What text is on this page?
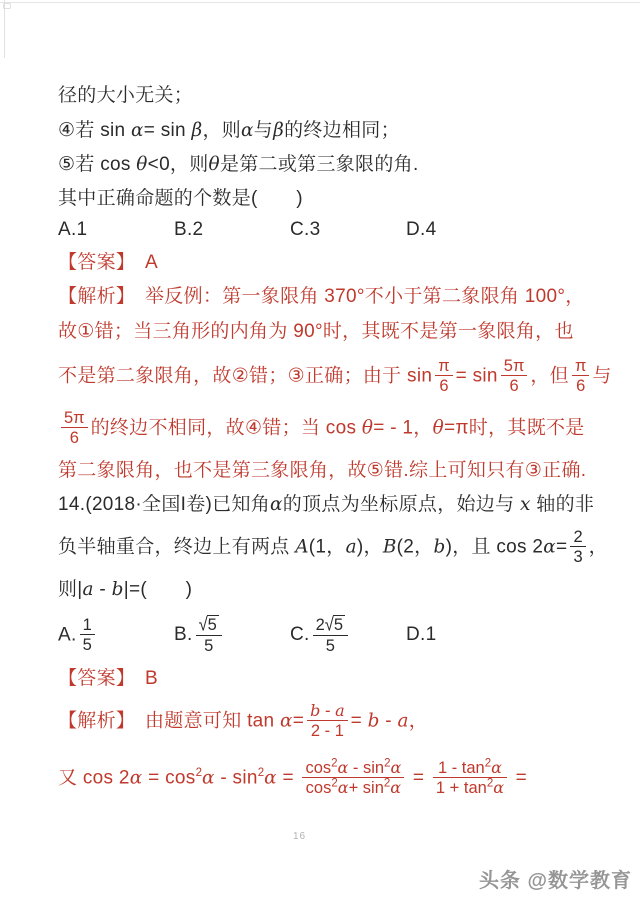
径的大小无关；
④若 sin α= sin β，则α与β的终边相同；
⑤若 cos θ<0，则θ是第二或第三象限的角.
其中正确命题的个数是(　　)
A.1	B.2	C.3	D.4
【答案】　A
【解析】　举反例：第一象限角 370°不小于第二象限角 100°，
故①错；当三角形的内角为 90°时，其既不是第一象限角，也
不是第二象限角，故②错；③正确；由于 $\sin \frac{\pi}{6} = \sin \frac{5\pi}{6}$ ，但 $\frac{\pi}{6}$ 与
$\frac{5\pi}{6}$ 的终边不相同，故④错；当 cos θ= - 1，θ=π时，其既不是
第二象限角，也不是第三象限角，故⑤错.综上可知只有③正确.
14.(2018·全国I卷)已知角α的顶点为坐标原点，始边与 x 轴的非
负半轴重合，终边上有两点 A(1，a)，B(2，b)，且 $\cos 2\alpha= \frac{2}{3}$ ，
则|a - b|=(　　)
A. $\frac{1}{5}$	B. $\frac{√5}{5}$	C. $\frac{2√5}{5}$	D.1
【答案】　B
【解析】　由题意可知 $\tan \alpha= \frac{b - a}{2 - 1} = b - a$，
又 $\cos 2\alpha = \cos^2\alpha - \sin^2\alpha = \frac{\cos^2\alpha - \sin^2\alpha}{\cos^2\alpha+ \sin^2\alpha} = \frac{1 - \tan^2\alpha}{1 + \tan^2\alpha}$ =
16
头条 @数学教育
